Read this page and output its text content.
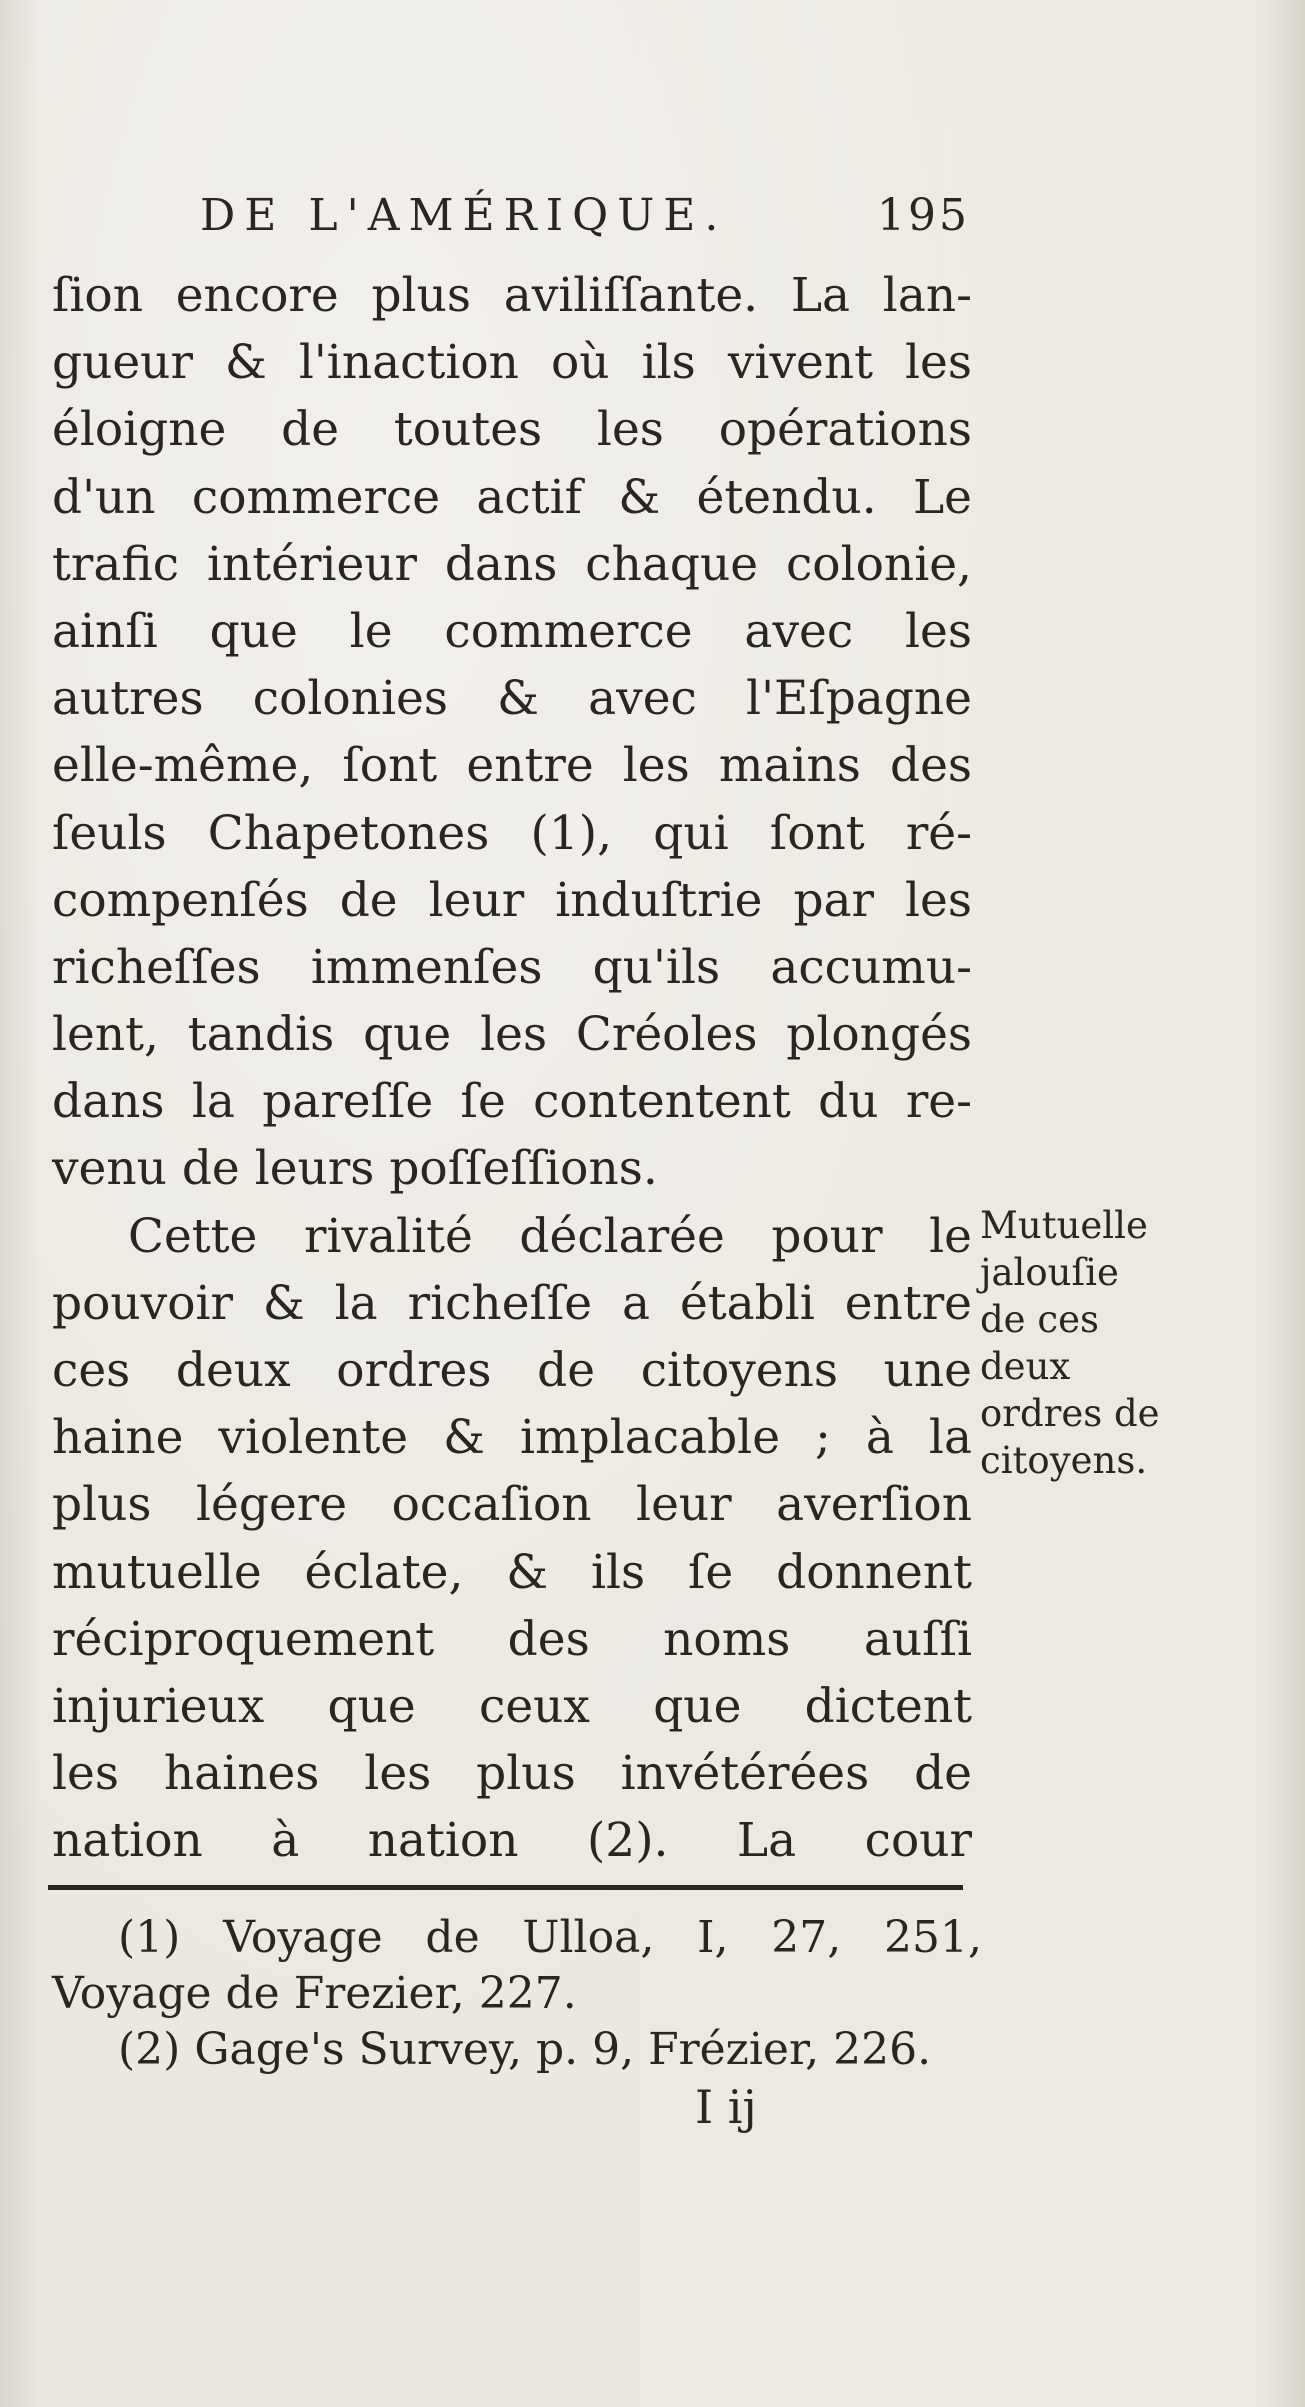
DE L'AMÉRIQUE.	195
ſion encore plus aviliſſante. La lan-
gueur & l'inaction où ils vivent les
éloigne de toutes les opérations
d'un commerce actif & étendu. Le
trafic intérieur dans chaque colonie,
ainſi que le commerce avec les
autres colonies & avec l'Eſpagne
elle-même, ſont entre les mains des
ſeuls Chapetones (1), qui ſont ré-
compenſés de leur induſtrie par les
richeſſes immenſes qu'ils accumu-
lent, tandis que les Créoles plongés
dans la pareſſe ſe contentent du re-
venu de leurs poſſeſſions.
Cette rivalité déclarée pour le
pouvoir & la richeſſe a établi entre
ces deux ordres de citoyens une
haine violente & implacable ; à la
plus légere occaſion leur averſion
mutuelle éclate, & ils ſe donnent
réciproquement des noms auſſi
injurieux que ceux que dictent
les haines les plus invétérées de
nation à nation (2). La cour
Mutuelle
jalouſie
de ces
deux
ordres de
citoyens.
(1) Voyage de Ulloa, I, 27, 251,
Voyage de Frezier, 227.
(2) Gage's Survey, p. 9, Frézier, 226.
I ij
